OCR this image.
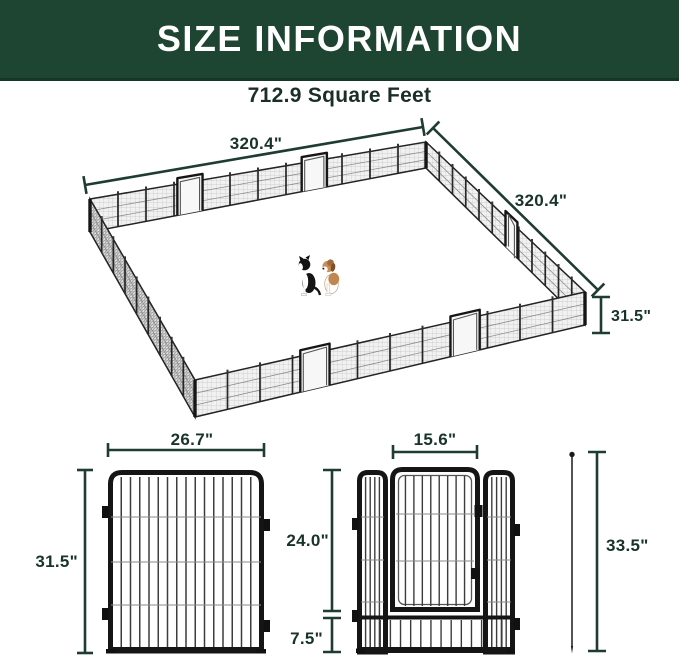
SIZE INFORMATION
712.9 Square Feet
320.4"
320.4"
31.5"
26.7"
31.5"
15.6"
24.0"
7.5"
33.5"
